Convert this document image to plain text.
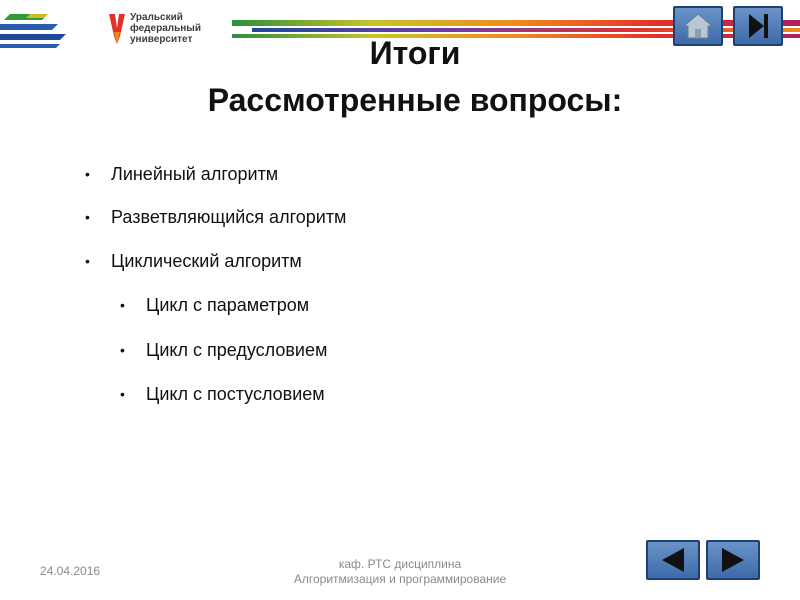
Уральский
федеральный
университет	Итоги
Рассмотренные вопросы:
• Линейный алгоритм
• Разветвляющийся алгоритм
• Циклический алгоритм
• Цикл с параметром
• Цикл с предусловием
• Цикл с постусловием
24.04.2016	каф. РТС дисциплина
Алгоритмизация и программирование
